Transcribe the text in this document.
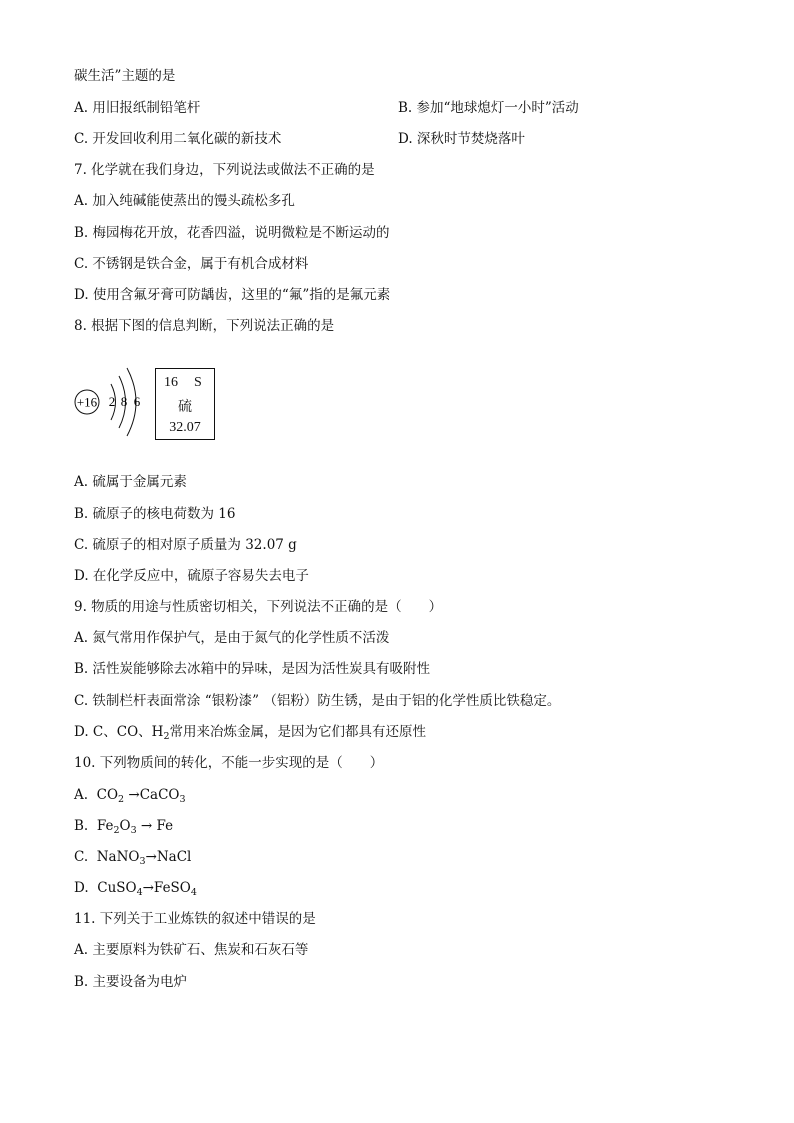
碳生活”主题的是
A. 用旧报纸制铅笔杆	B. 参加“地球熄灯一小时”活动
C. 开发回收利用二氧化碳的新技术	D. 深秋时节焚烧落叶
7. 化学就在我们身边，下列说法或做法不正确的是
A. 加入纯碱能使蒸出的馒头疏松多孔
B. 梅园梅花开放，花香四溢，说明微粒是不断运动的
C. 不锈钢是铁合金，属于有机合成材料
D. 使用含氟牙膏可防龋齿，这里的“氟”指的是氟元素
8. 根据下图的信息判断，下列说法正确的是
+16 2 8 6
16 S
硫
32.07
A. 硫属于金属元素
B. 硫原子的核电荷数为 16
C. 硫原子的相对原子质量为 32.07 g
D. 在化学反应中，硫原子容易失去电子
9. 物质的用途与性质密切相关，下列说法不正确的是（　　）
A. 氮气常用作保护气，是由于氮气的化学性质不活泼
B. 活性炭能够除去冰箱中的异味，是因为活性炭具有吸附性
C. 铁制栏杆表面常涂 “银粉漆” （铝粉）防生锈，是由于铝的化学性质比铁稳定。
D. C、CO、$H_2$常用来冶炼金属，是因为它们都具有还原性
10. 下列物质间的转化，不能一步实现的是（　　）
A. $CO_2$ →CaCO$_3$
B. $Fe_2O_3 \to Fe$
C. NaNO$_3$→NaCl
D. CuSO$_4$→FeSO$_4$
11. 下列关于工业炼铁的叙述中错误的是
A. 主要原料为铁矿石、焦炭和石灰石等
B. 主要设备为电炉
